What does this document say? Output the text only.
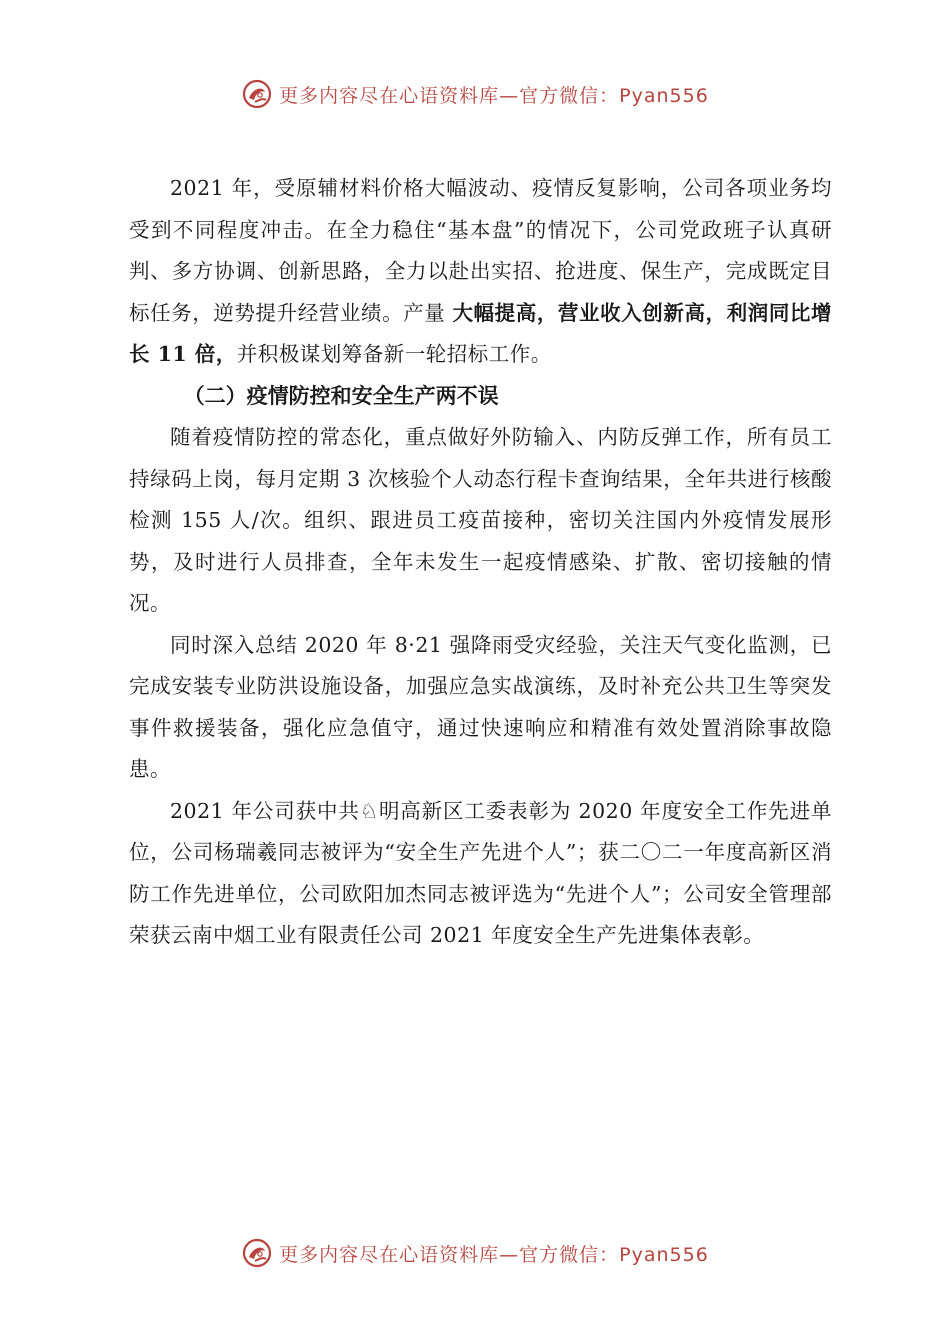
更多内容尽在心语资料库—官方微信：Pyan556

2021 年，受原辅材料价格大幅波动、疫情反复影响，公司各项业务均受到不同程度冲击。在全力稳住“基本盘”的情况下，公司党政班子认真研判、多方协调、创新思路，全力以赴出实招、抢进度、保生产，完成既定目标任务，逆势提升经营业绩。产量 大幅提高，营业收入创新高，利润同比增长 11 倍，并积极谋划筹备新一轮招标工作。

（二）疫情防控和安全生产两不误

随着疫情防控的常态化，重点做好外防输入、内防反弹工作，所有员工持绿码上岗，每月定期 3 次核验个人动态行程卡查询结果，全年共进行核酸检测 155 人/次。组织、跟进员工疫苗接种，密切关注国内外疫情发展形势，及时进行人员排查，全年未发生一起疫情感染、扩散、密切接触的情况。

同时深入总结 2020 年 8·21 强降雨受灾经验，关注天气变化监测，已完成安装专业防洪设施设备，加强应急实战演练，及时补充公共卫生等突发事件救援装备，强化应急值守，通过快速响应和精准有效处置消除事故隐患。

2021 年公司获中共♘明高新区工委表彰为 2020 年度安全工作先进单位，公司杨瑞羲同志被评为“安全生产先进个人”；获二〇二一年度高新区消防工作先进单位，公司欧阳加杰同志被评选为“先进个人”；公司安全管理部荣获云南中烟工业有限责任公司 2021 年度安全生产先进集体表彰。

更多内容尽在心语资料库—官方微信：Pyan556
